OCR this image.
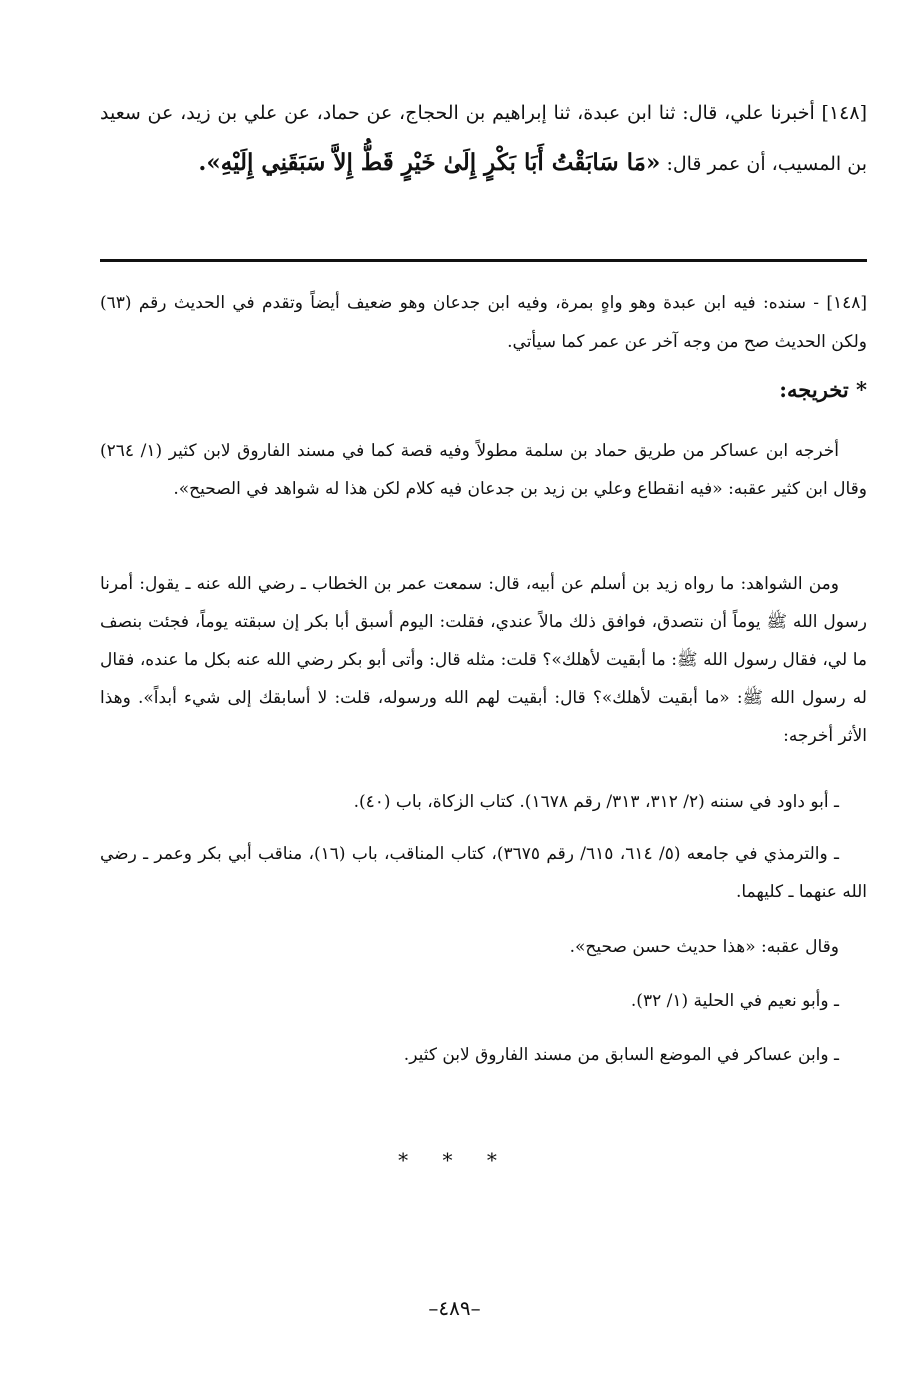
[١٤٨] أخبرنا علي، قال: ثنا ابن عبدة، ثنا إبراهيم بن الحجاج، عن حماد، عن علي بن زيد، عن سعيد بن المسيب، أن عمر قال: «مَا سَابَقْتُ أَبَا بَكْرٍ إِلَىٰ خَيْرٍ قَطُّ إِلاَّ سَبَقَنِي إِلَيْهِ».
[١٤٨] - سنده: فيه ابن عبدة وهو واهٍ بمرة، وفيه ابن جدعان وهو ضعيف أيضاً وتقدم في الحديث رقم (٦٣) ولكن الحديث صح من وجه آخر عن عمر كما سيأتي.
* تخريجه:
أخرجه ابن عساكر من طريق حماد بن سلمة مطولاً وفيه قصة كما في مسند الفاروق لابن كثير (١/ ٢٦٤) وقال ابن كثير عقبه: «فيه انقطاع وعلي بن زيد بن جدعان فيه كلام لكن هذا له شواهد في الصحيح».
ومن الشواهد: ما رواه زيد بن أسلم عن أبيه، قال: سمعت عمر بن الخطاب ـ رضي الله عنه ـ يقول: أمرنا رسول الله ﷺ يوماً أن نتصدق، فوافق ذلك مالاً عندي، فقلت: اليوم أسبق أبا بكر إن سبقته يوماً، فجئت بنصف ما لي، فقال رسول الله ﷺ: ما أبقيت لأهلك»؟ قلت: مثله قال: وأتى أبو بكر رضي الله عنه بكل ما عنده، فقال له رسول الله ﷺ: «ما أبقيت لأهلك»؟ قال: أبقيت لهم الله ورسوله، قلت: لا أسابقك إلى شيء أبداً». وهذا الأثر أخرجه:
ـ أبو داود في سننه (٢/ ٣١٢، ٣١٣/ رقم ١٦٧٨). كتاب الزكاة، باب (٤٠).
ـ والترمذي في جامعه (٥/ ٦١٤، ٦١٥/ رقم ٣٦٧٥)، كتاب المناقب، باب (١٦)، مناقب أبي بكر وعمر ـ رضي الله عنهما ـ كليهما.
وقال عقبه: «هذا حديث حسن صحيح».
ـ وأبو نعيم في الحلية (١/ ٣٢).
ـ وابن عساكر في الموضع السابق من مسند الفاروق لابن كثير.
* * *
–٤٨٩–
